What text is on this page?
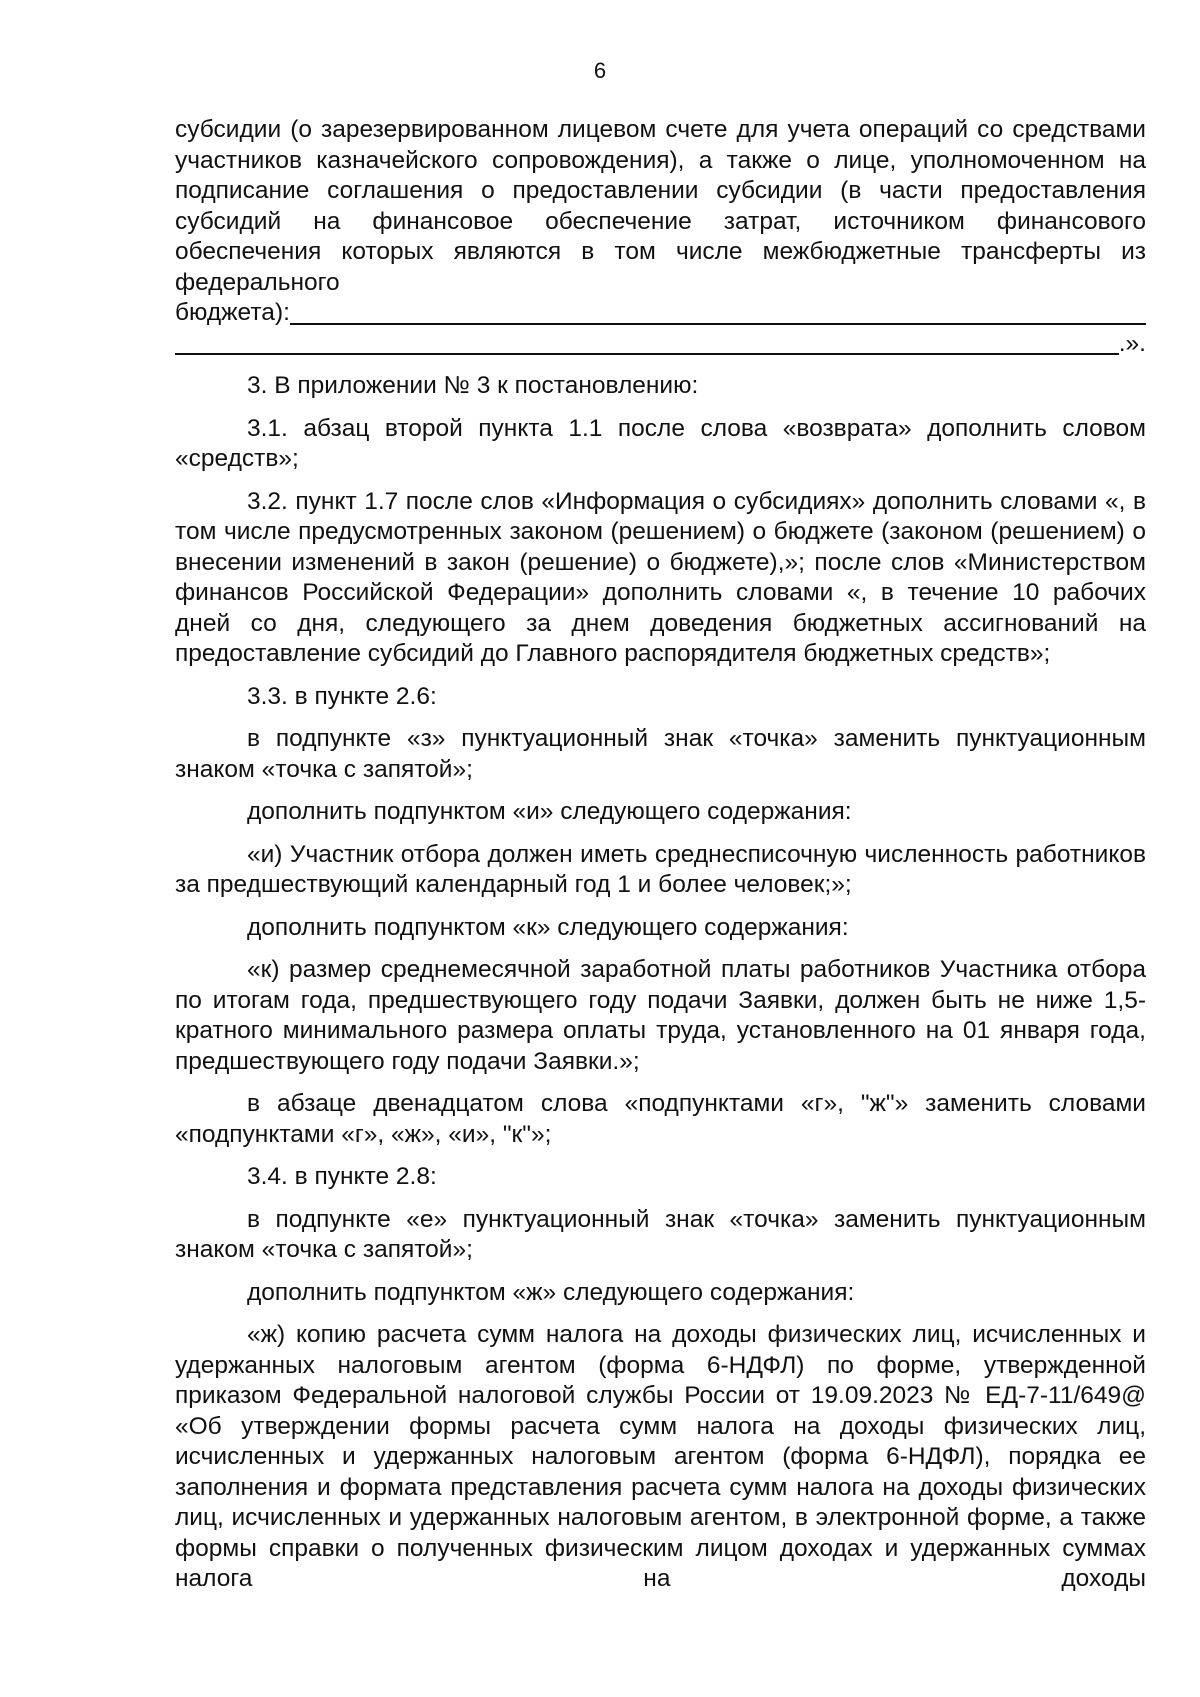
6

субсидии (о зарезервированном лицевом счете для учета операций со средствами участников казначейского сопровождения), а также о лице, уполномоченном на подписание соглашения о предоставлении субсидии (в части предоставления субсидий на финансовое обеспечение затрат, источником финансового обеспечения которых являются в том числе межбюджетные трансферты из федерального

бюджета):
.».

3. В приложении № 3 к постановлению:

3.1. абзац второй пункта 1.1 после слова «возврата» дополнить словом «средств»;

3.2. пункт 1.7 после слов «Информация о субсидиях» дополнить словами «, в том числе предусмотренных законом (решением) о бюджете (законом (решением) о внесении изменений в закон (решение) о бюджете),»; после слов «Министерством финансов Российской Федерации» дополнить словами «, в течение 10 рабочих дней со дня, следующего за днем доведения бюджетных ассигнований на предоставление субсидий до Главного распорядителя бюджетных средств»;

3.3. в пункте 2.6:

в подпункте «з» пунктуационный знак «точка» заменить пунктуационным знаком «точка с запятой»;

дополнить подпунктом «и» следующего содержания:

«и) Участник отбора должен иметь среднесписочную численность работников за предшествующий календарный год 1 и более человек;»;

дополнить подпунктом «к» следующего содержания:

«к) размер среднемесячной заработной платы работников Участника отбора по итогам года, предшествующего году подачи Заявки, должен быть не ниже 1,5-кратного минимального размера оплаты труда, установленного на 01 января года, предшествующего году подачи Заявки.»;

в абзаце двенадцатом слова «подпунктами «г», "ж"» заменить словами «подпунктами «г», «ж», «и», "к"»;

3.4. в пункте 2.8:

в подпункте «е» пунктуационный знак «точка» заменить пунктуационным знаком «точка с запятой»;

дополнить подпунктом «ж» следующего содержания:

«ж) копию расчета сумм налога на доходы физических лиц, исчисленных и удержанных налоговым агентом (форма 6-НДФЛ) по форме, утвержденной приказом Федеральной налоговой службы России от 19.09.2023 № ЕД-7-11/649@ «Об утверждении формы расчета сумм налога на доходы физических лиц, исчисленных и удержанных налоговым агентом (форма 6-НДФЛ), порядка ее заполнения и формата представления расчета сумм налога на доходы физических лиц, исчисленных и удержанных налоговым агентом, в электронной форме, а также формы справки о полученных физическим лицом доходах и удержанных суммах налога на доходы
